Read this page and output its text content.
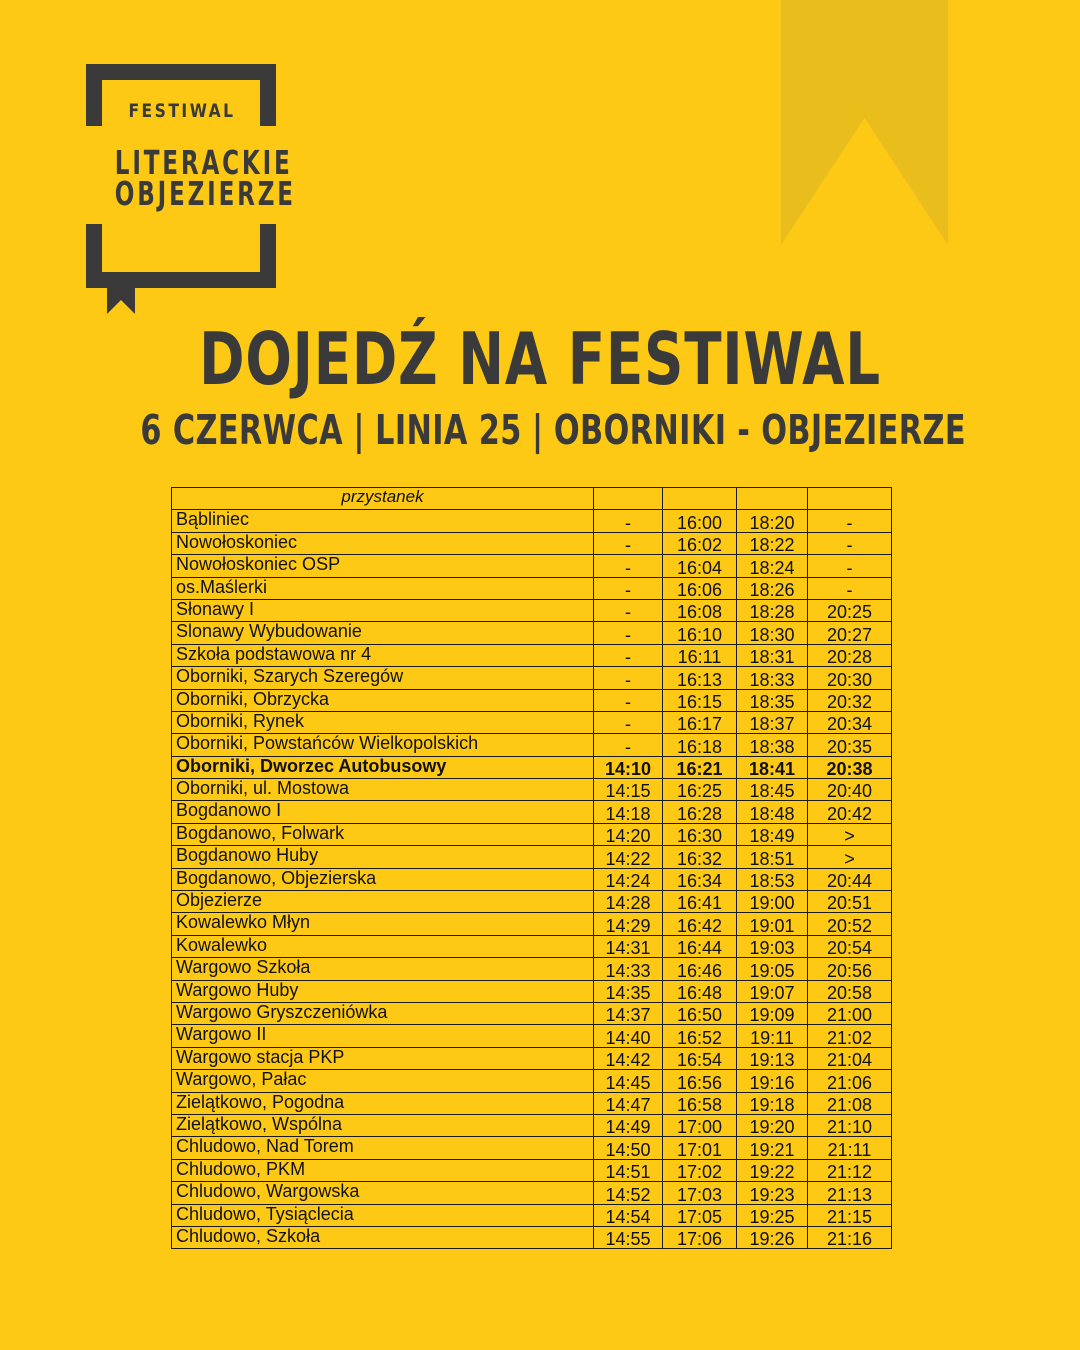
FESTIWAL
LITERACKIE
OBJEZIERZE
DOJEDŹ NA FESTIWAL
6 CZERWCA | LINIA 25 | OBORNIKI - OBJEZIERZE
przystanek				
Bąbliniec	-	16:00	18:20	-
Nowołoskoniec	-	16:02	18:22	-
Nowołoskoniec OSP	-	16:04	18:24	-
os.Maślerki	-	16:06	18:26	-
Słonawy I	-	16:08	18:28	20:25
Slonawy Wybudowanie	-	16:10	18:30	20:27
Szkoła podstawowa nr 4	-	16:11	18:31	20:28
Oborniki, Szarych Szeregów	-	16:13	18:33	20:30
Oborniki, Obrzycka	-	16:15	18:35	20:32
Oborniki, Rynek	-	16:17	18:37	20:34
Oborniki, Powstańców Wielkopolskich	-	16:18	18:38	20:35
Oborniki, Dworzec Autobusowy	14:10	16:21	18:41	20:38
Oborniki, ul. Mostowa	14:15	16:25	18:45	20:40
Bogdanowo I	14:18	16:28	18:48	20:42
Bogdanowo, Folwark	14:20	16:30	18:49	>
Bogdanowo Huby	14:22	16:32	18:51	>
Bogdanowo, Objezierska	14:24	16:34	18:53	20:44
Objezierze	14:28	16:41	19:00	20:51
Kowalewko Młyn	14:29	16:42	19:01	20:52
Kowalewko	14:31	16:44	19:03	20:54
Wargowo Szkoła	14:33	16:46	19:05	20:56
Wargowo Huby	14:35	16:48	19:07	20:58
Wargowo Gryszczeniówka	14:37	16:50	19:09	21:00
Wargowo II	14:40	16:52	19:11	21:02
Wargowo stacja PKP	14:42	16:54	19:13	21:04
Wargowo, Pałac	14:45	16:56	19:16	21:06
Zielątkowo, Pogodna	14:47	16:58	19:18	21:08
Zielątkowo, Wspólna	14:49	17:00	19:20	21:10
Chludowo, Nad Torem	14:50	17:01	19:21	21:11
Chludowo, PKM	14:51	17:02	19:22	21:12
Chludowo, Wargowska	14:52	17:03	19:23	21:13
Chludowo, Tysiąclecia	14:54	17:05	19:25	21:15
Chludowo, Szkoła	14:55	17:06	19:26	21:16
